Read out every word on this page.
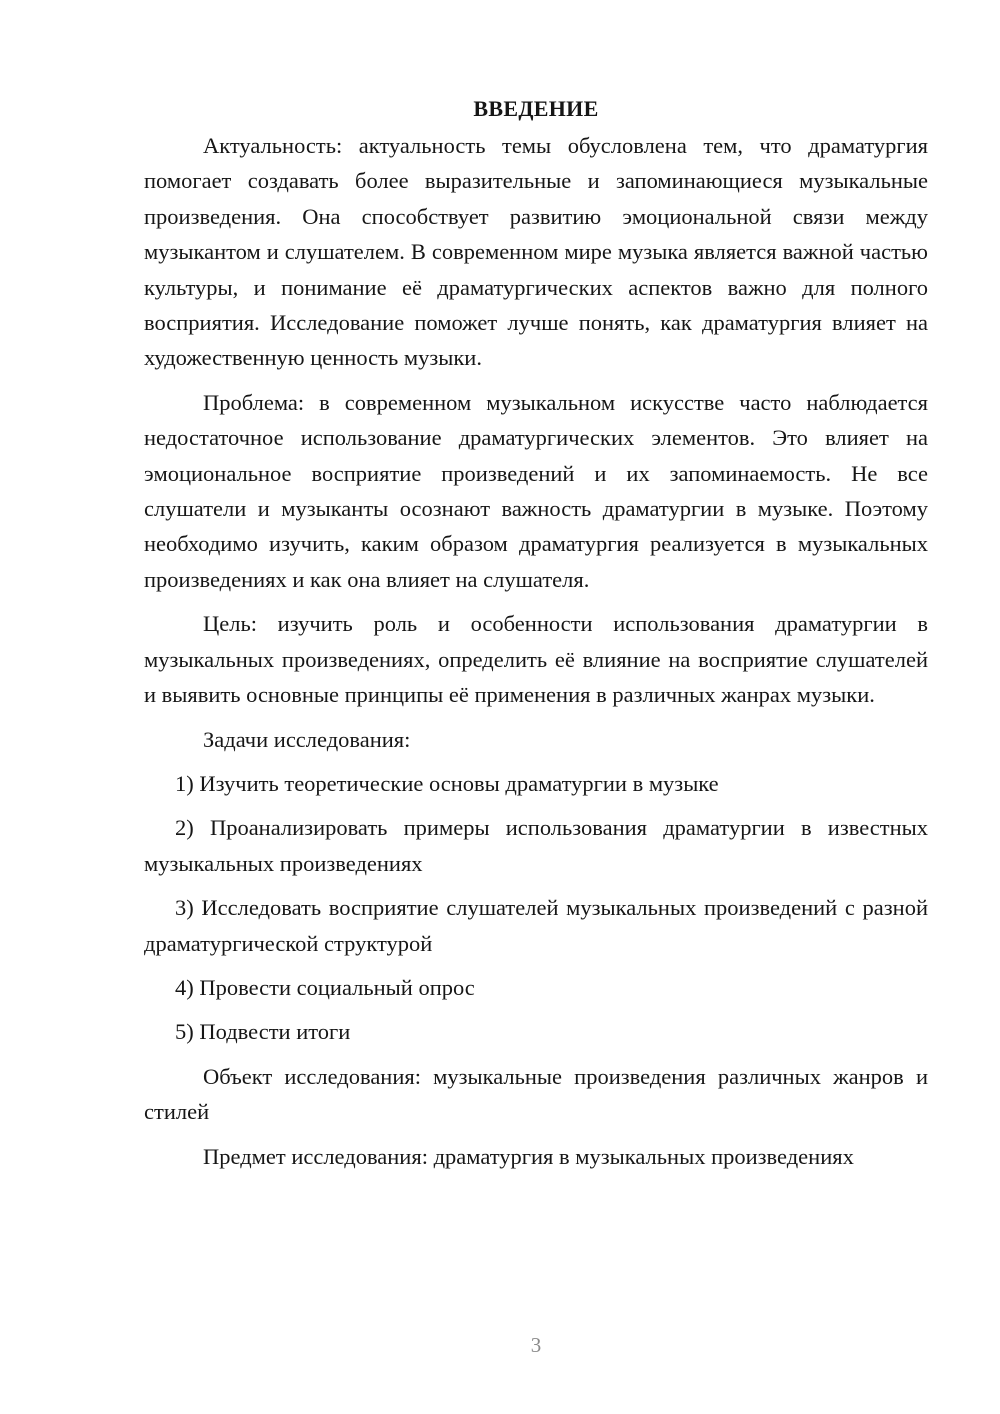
ВВЕДЕНИЕ

Актуальность: актуальность темы обусловлена тем, что драматургия помогает создавать более выразительные и запоминающиеся музыкальные произведения. Она способствует развитию эмоциональной связи между музыкантом и слушателем. В современном мире музыка является важной частью культуры, и понимание её драматургических аспектов важно для полного восприятия. Исследование поможет лучше понять, как драматургия влияет на художественную ценность музыки.

Проблема: в современном музыкальном искусстве часто наблюдается недостаточное использование драматургических элементов. Это влияет на эмоциональное восприятие произведений и их запоминаемость. Не все слушатели и музыканты осознают важность драматургии в музыке. Поэтому необходимо изучить, каким образом драматургия реализуется в музыкальных произведениях и как она влияет на слушателя.

Цель: изучить роль и особенности использования драматургии в музыкальных произведениях, определить её влияние на восприятие слушателей и выявить основные принципы её применения в различных жанрах музыки.

Задачи исследования:

1) Изучить теоретические основы драматургии в музыке

2) Проанализировать примеры использования драматургии в известных музыкальных произведениях

3) Исследовать восприятие слушателей музыкальных произведений с разной драматургической структурой

4) Провести социальный опрос

5) Подвести итоги

Объект исследования: музыкальные произведения различных жанров и стилей

Предмет исследования: драматургия в музыкальных произведениях

3
